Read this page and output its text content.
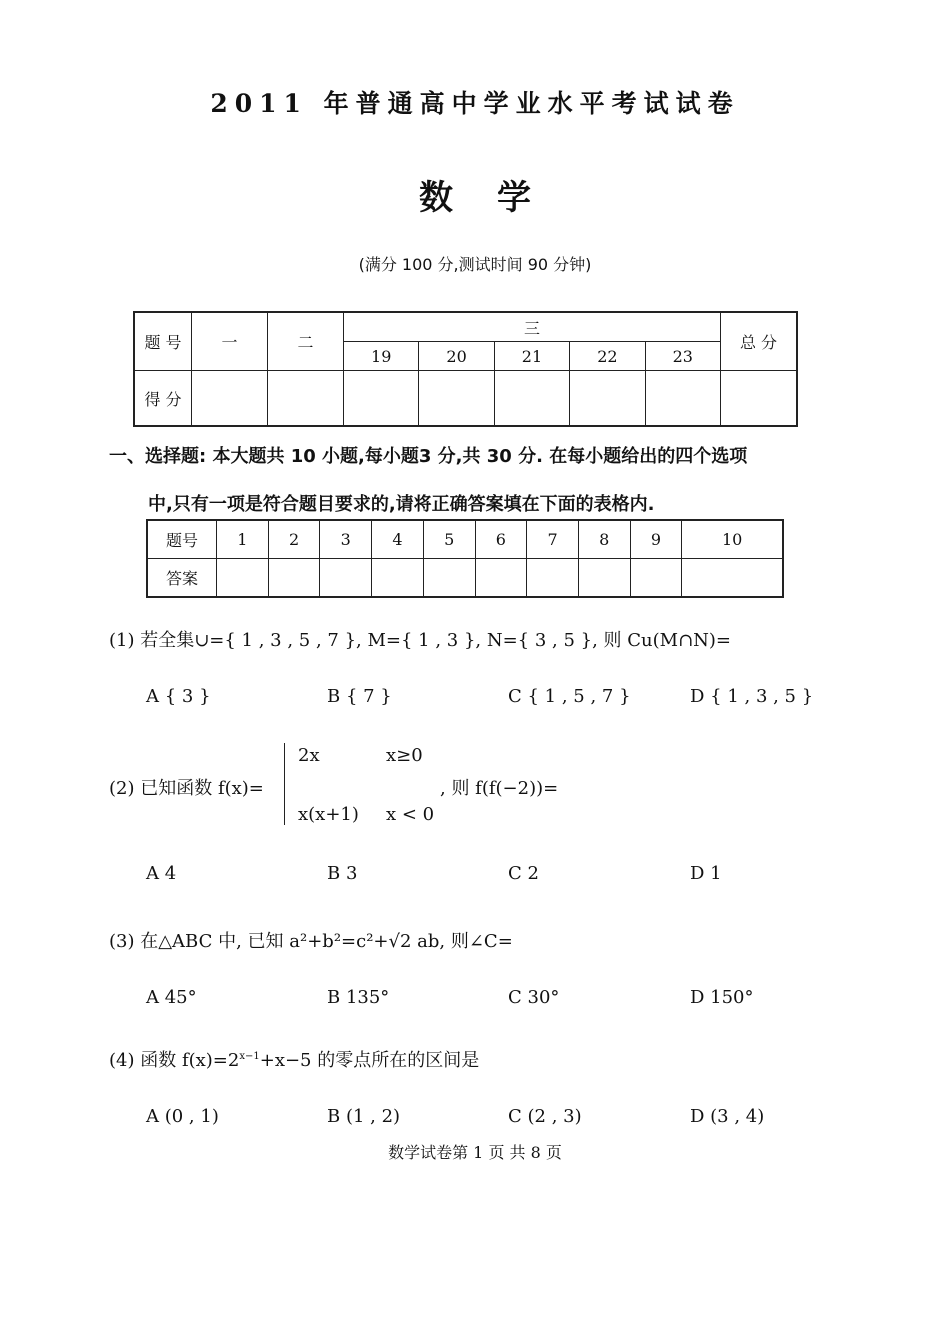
2011 年普通高中学业水平考试试卷
数 学
(满分 100 分,测试时间 90 分钟)
题 号	一	二	三					总 分
			19	20	21	22	23	
得 分								
一、选择题: 本大题共 10 小题,每小题3 分,共 30 分. 在每小题给出的四个选项
中,只有一项是符合题目要求的,请将正确答案填在下面的表格内.
题号	1	2	3	4	5	6	7	8	9	10
答案										
(1) 若全集∪={ 1 , 3 , 5 , 7 }, M={ 1 , 3 }, N={ 3 , 5 }, 则 Cu(M∩N)=
A { 3 }	B { 7 }	C { 1 , 5 , 7 }	D { 1 , 3 , 5 }
(2) 已知函数 f(x)=
2x	x≥0
x(x+1) x < 0
, 则 f(f(−2))=
A 4	B 3	C 2	D 1
(3) 在△ABC 中, 已知 a²+b²=c²+√2 ab, 则∠C=
A 45°	B 135°	C 30°	D 150°
(4) 函数 $f(x)=2^{x-1}+x-5$ 的零点所在的区间是
A (0 , 1)	B (1 , 2)	C (2 , 3)	D (3 , 4)
数学试卷第 1 页 共 8 页
